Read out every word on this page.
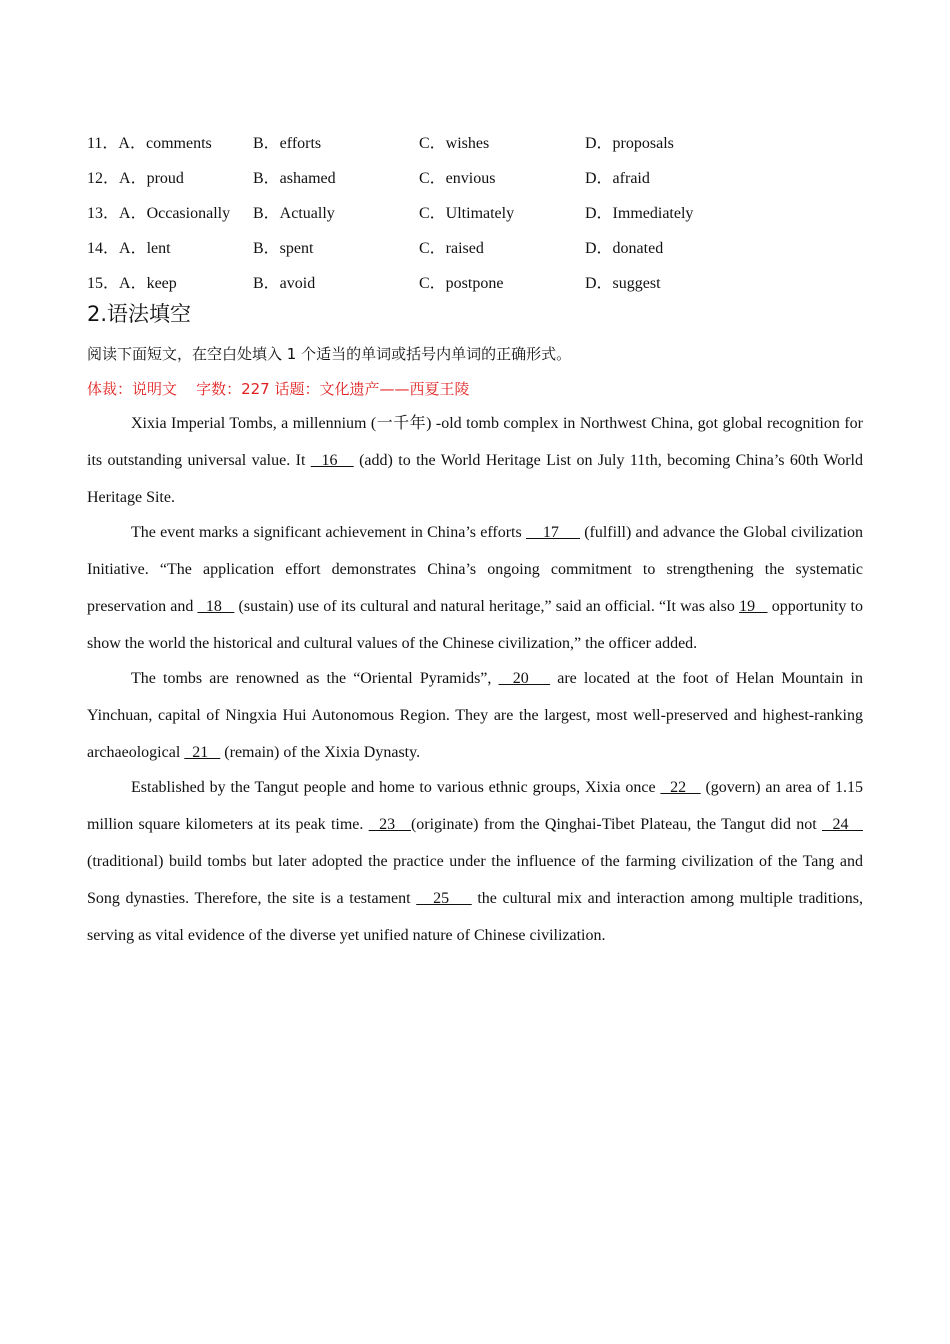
11．A．comments	B．efforts	C．wishes	D．proposals
12．A．proud	B．ashamed	C．envious	D．afraid
13．A．Occasionally	B．Actually	C．Ultimately	D．Immediately
14．A．lent	B．spent	C．raised	D．donated
15．A．keep	B．avoid	C．postpone	D．suggest
2.语法填空
阅读下面短文，在空白处填入 1 个适当的单词或括号内单词的正确形式。
体裁：说明文    字数：227 话题：文化遗产——西夏王陵

Xixia Imperial Tombs, a millennium (一千年) -old tomb complex in Northwest China, got global recognition for its outstanding universal value. It   16    (add) to the World Heritage List on July 11th, becoming China’s 60th World Heritage Site.

The event marks a significant achievement in China’s efforts     17      (fulfill) and advance the Global civilization Initiative. “The application effort demonstrates China’s ongoing commitment to strengthening the systematic preservation and   18    (sustain) use of its cultural and natural heritage,” said an official. “It was also 19    opportunity to show the world the historical and cultural values of the Chinese civilization,” the officer added.

The tombs are renowned as the “Oriental Pyramids”,   20    are located at the foot of Helan Mountain in Yinchuan, capital of Ningxia Hui Autonomous Region. They are the largest, most well-preserved and highest-ranking archaeological   21    (remain) of the Xixia Dynasty.

Established by the Tangut people and home to various ethnic groups, Xixia once   22    (govern) an area of 1.15 million square kilometers at its peak time.   23   (originate) from the Qinghai-Tibet Plateau, the Tangut did not   24    (traditional) build tombs but later adopted the practice under the influence of the farming civilization of the Tang and Song dynasties. Therefore, the site is a testament    25     the cultural mix and interaction among multiple traditions, serving as vital evidence of the diverse yet unified nature of Chinese civilization.
